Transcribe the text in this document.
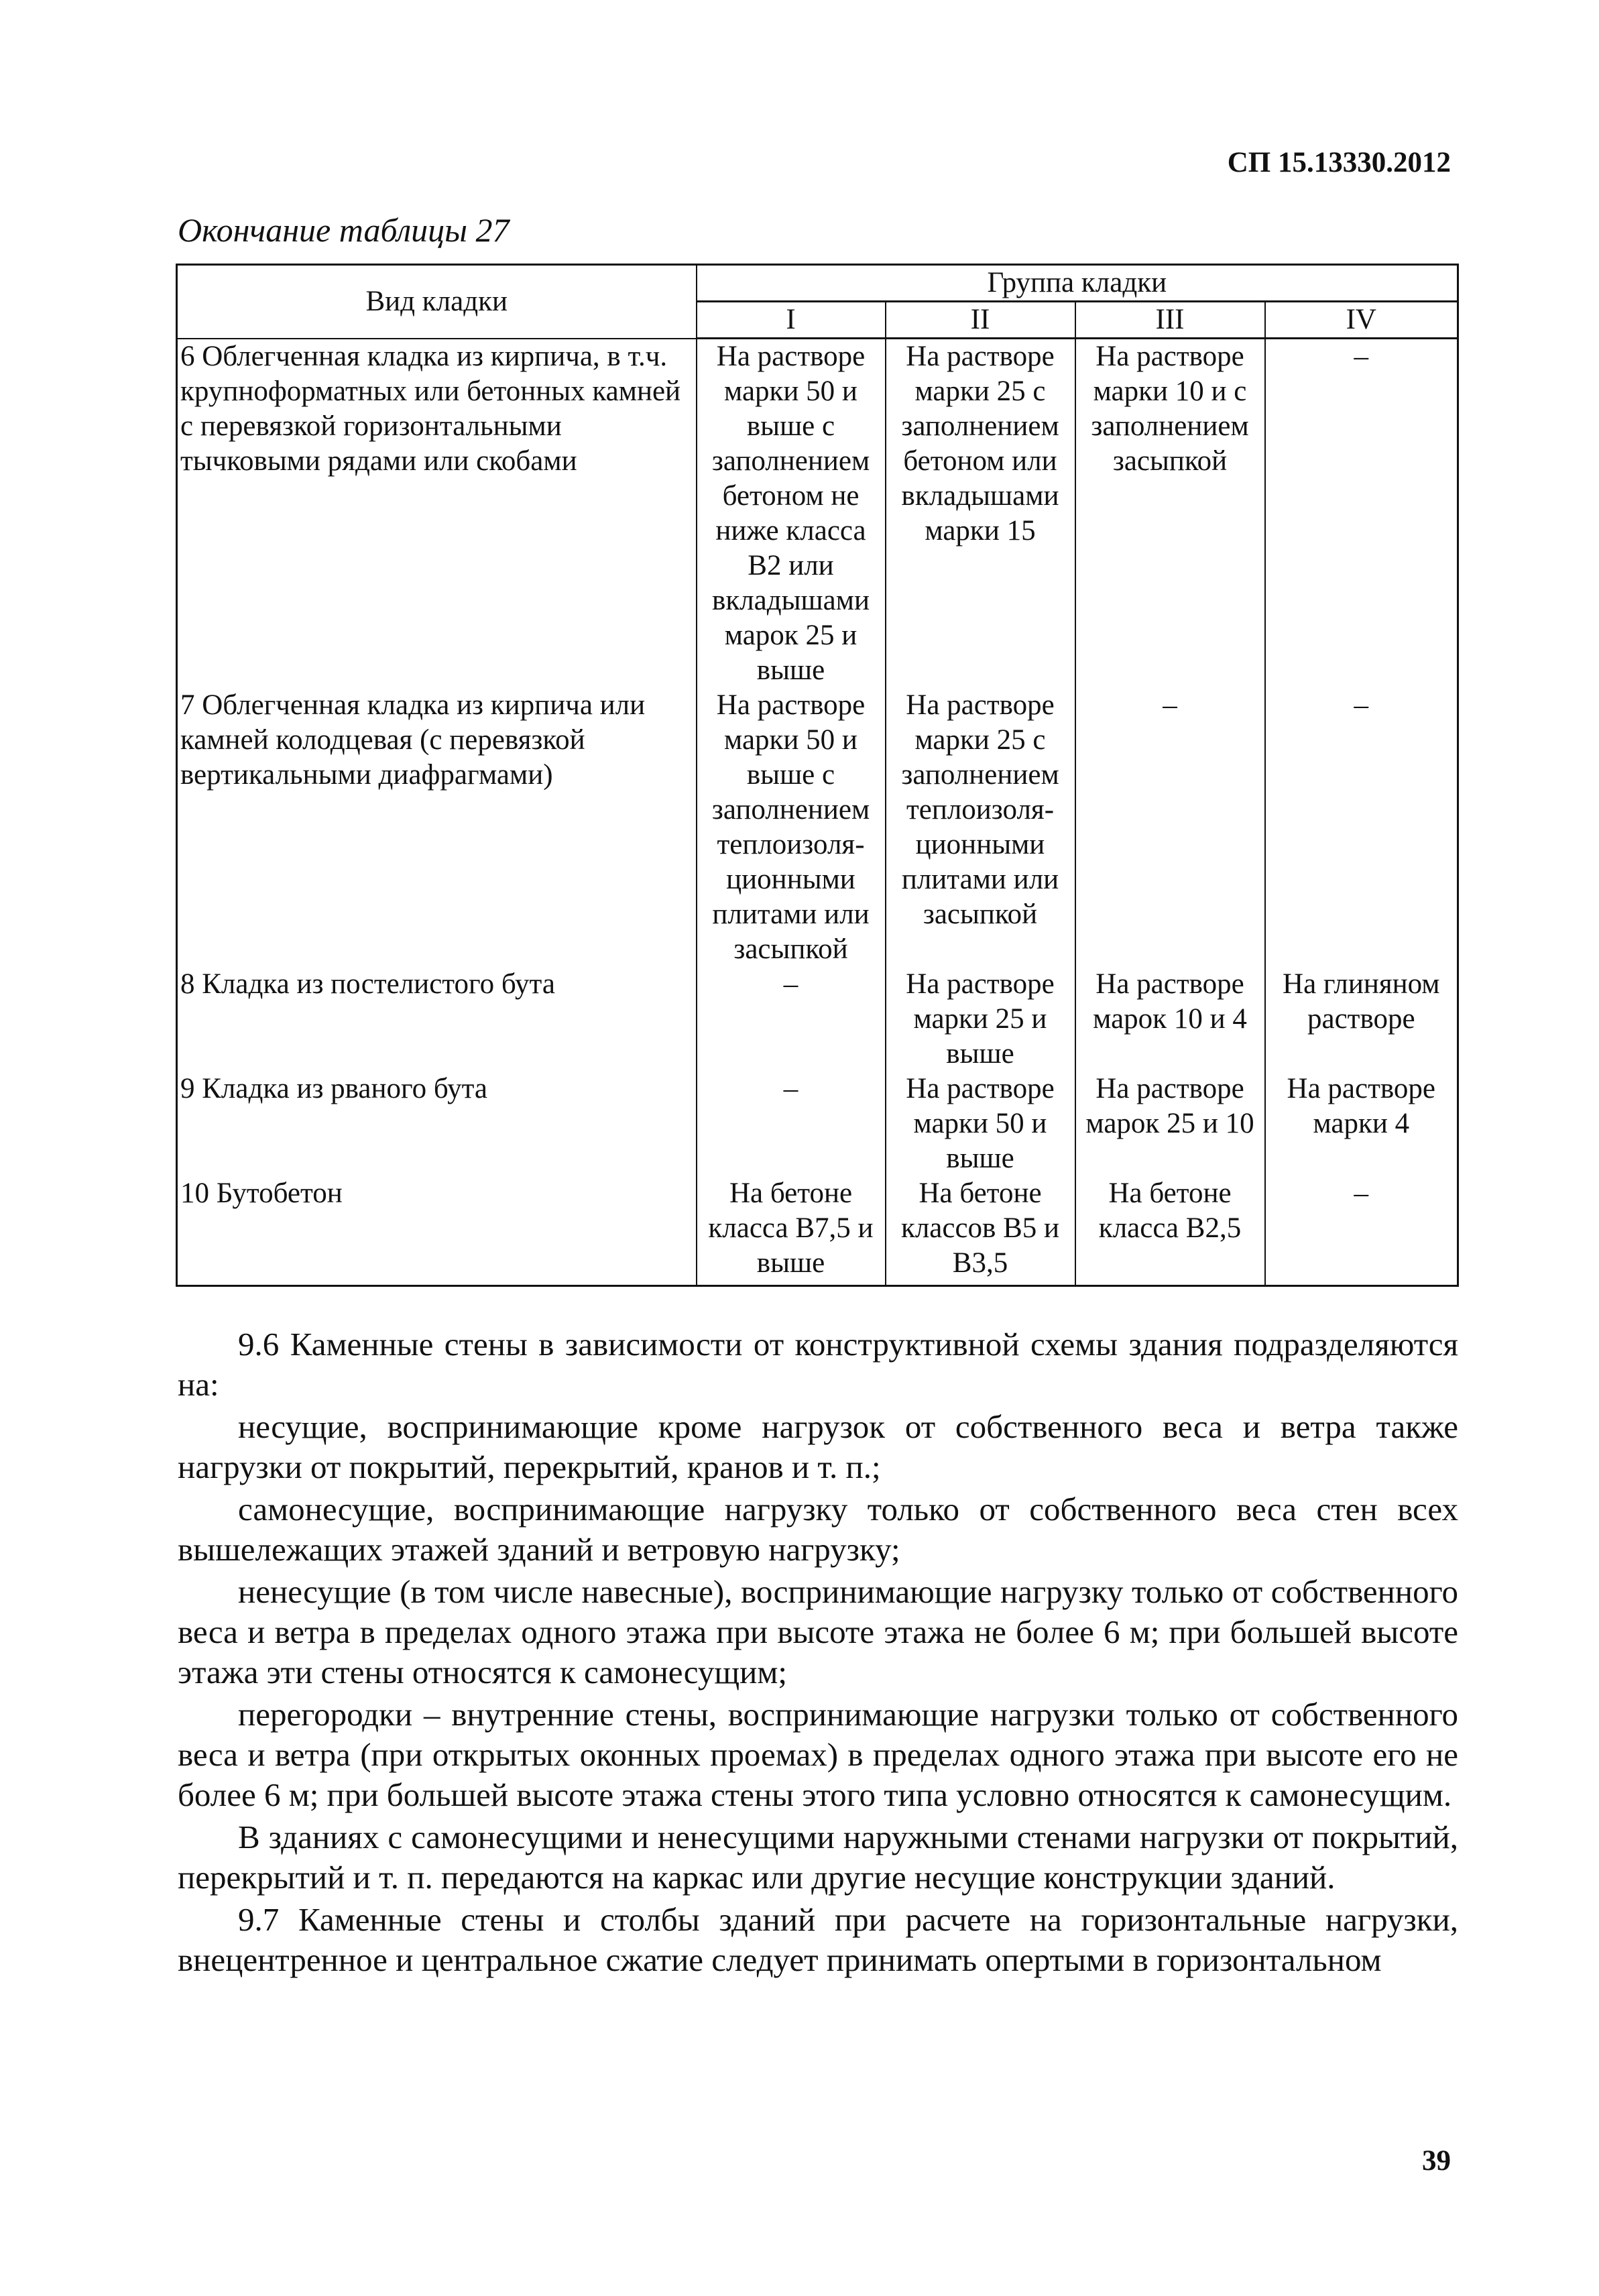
СП 15.13330.2012
Окончание таблицы 27
Вид кладки	Группа кладки			
	I	II	III	IV
6 Облегченная кладка из кирпича, в т.ч. крупноформатных или бетонных камней с перевязкой горизонтальными тычковыми рядами или скобами	На растворе марки 50 и выше с заполнением бетоном не ниже класса В2 или вкладышами марок 25 и выше	На растворе марки 25 с заполнением бетоном или вкладышами марки 15	На растворе марки 10 и с заполнением засыпкой	–
7 Облегченная кладка из кирпича или камней колодцевая (с перевязкой вертикальными диафрагмами)	На растворе марки 50 и выше с заполнением теплоизоля-ционными плитами или засыпкой	На растворе марки 25 с заполнением теплоизоля-ционными плитами или засыпкой	–	–
8 Кладка из постелистого бута	–	На растворе марки 25 и выше	На растворе марок 10 и 4	На глиняном растворе
9 Кладка из рваного бута	–	На растворе марки 50 и выше	На растворе марок 25 и 10	На растворе марки 4
10 Бутобетон	На бетоне класса В7,5 и выше	На бетоне классов В5 и В3,5	На бетоне класса В2,5	–

9.6 Каменные стены в зависимости от конструктивной схемы здания подразделяются на:

несущие, воспринимающие кроме нагрузок от собственного веса и ветра также нагрузки от покрытий, перекрытий, кранов и т. п.;

самонесущие, воспринимающие нагрузку только от собственного веса стен всех вышележащих этажей зданий и ветровую нагрузку;

ненесущие (в том числе навесные), воспринимающие нагрузку только от собственного веса и ветра в пределах одного этажа при высоте этажа не более 6 м; при большей высоте этажа эти стены относятся к самонесущим;

перегородки – внутренние стены, воспринимающие нагрузки только от собственного веса и ветра (при открытых оконных проемах) в пределах одного этажа при высоте его не более 6 м; при большей высоте этажа стены этого типа условно относятся к самонесущим.

В зданиях с самонесущими и ненесущими наружными стенами нагрузки от покрытий, перекрытий и т. п. передаются на каркас или другие несущие конструкции зданий.

9.7 Каменные стены и столбы зданий при расчете на горизонтальные нагрузки, внецентренное и центральное сжатие следует принимать опертыми в горизонтальном

39
